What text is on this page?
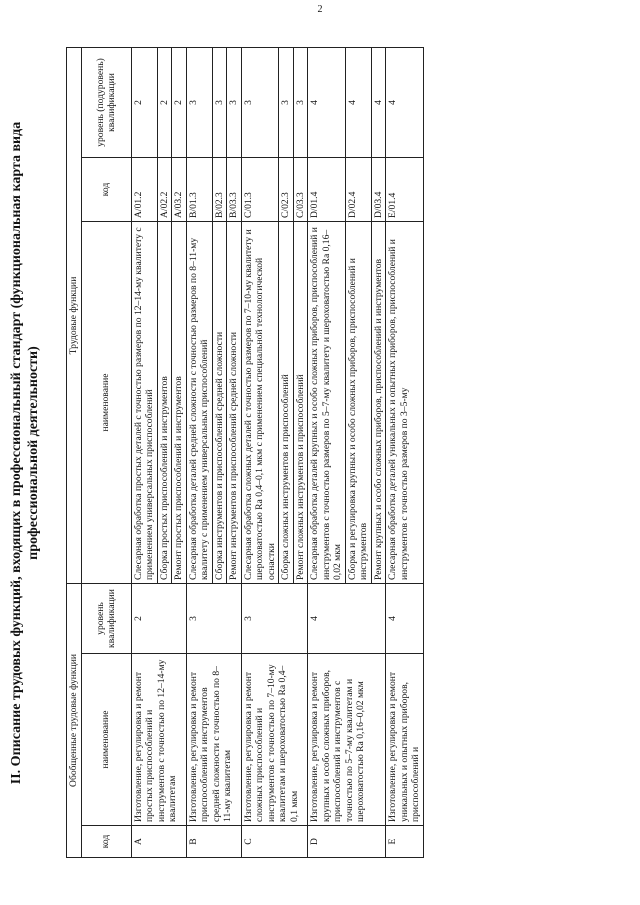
2
II. Описание трудовых функций, входящих в профессиональный стандарт (функциональная карта вида профессиональной деятельности)
Обобщенные трудовые функции			Трудовые функции		
код	наименование	уровень квалификации	наименование	код	уровень (подуровень) квалификации
A	Изготовление, регулировка и ремонт простых приспособлений и инструментов с точностью по 12–14-му квалитетам	2	Слесарная обработка простых деталей с точностью размеров по 12–14-му квалитету с применением универсальных приспособлений	A/01.2	2
			Сборка простых приспособлений и инструментов	A/02.2	2
			Ремонт простых приспособлений и инструментов	A/03.2	2
B	Изготовление, регулировка и ремонт приспособлений и инструментов средней сложности с точностью по 8–11-му квалитетам	3	Слесарная обработка деталей средней сложности с точностью размеров по 8–11-му квалитету с применением универсальных приспособлений	B/01.3	3
			Сборка инструментов и приспособлений средней сложности	B/02.3	3
			Ремонт инструментов и приспособлений средней сложности	B/03.3	3
C	Изготовление, регулировка и ремонт сложных приспособлений и инструментов с точностью по 7–10-му квалитетам и шероховатостью Ra 0,4–0,1 мкм	3	Слесарная обработка сложных деталей с точностью размеров по 7–10-му квалитету и шероховатостью Ra 0,4–0,1 мкм с применением специальной технологической оснастки	C/01.3	3
			Сборка сложных инструментов и приспособлений	C/02.3	3
			Ремонт сложных инструментов и приспособлений	C/03.3	3
D	Изготовление, регулировка и ремонт крупных и особо сложных приборов, приспособлений и инструментов с точностью по 5–7-му квалитетам и шероховатостью Ra 0,16–0,02 мкм	4	Слесарная обработка деталей крупных и особо сложных приборов, приспособлений и инструментов с точностью размеров по 5–7-му квалитету и шероховатостью Ra 0,16–0,02 мкм	D/01.4	4
			Сборка и регулировка крупных и особо сложных приборов, приспособлений и инструментов	D/02.4	4
			Ремонт крупных и особо сложных приборов, приспособлений и инструментов	D/03.4	4
E	Изготовление, регулировка и ремонт уникальных и опытных приборов, приспособлений и	4	Слесарная обработка деталей уникальных и опытных приборов, приспособлений и инструментов с точностью размеров по 3–5-му	E/01.4	4
